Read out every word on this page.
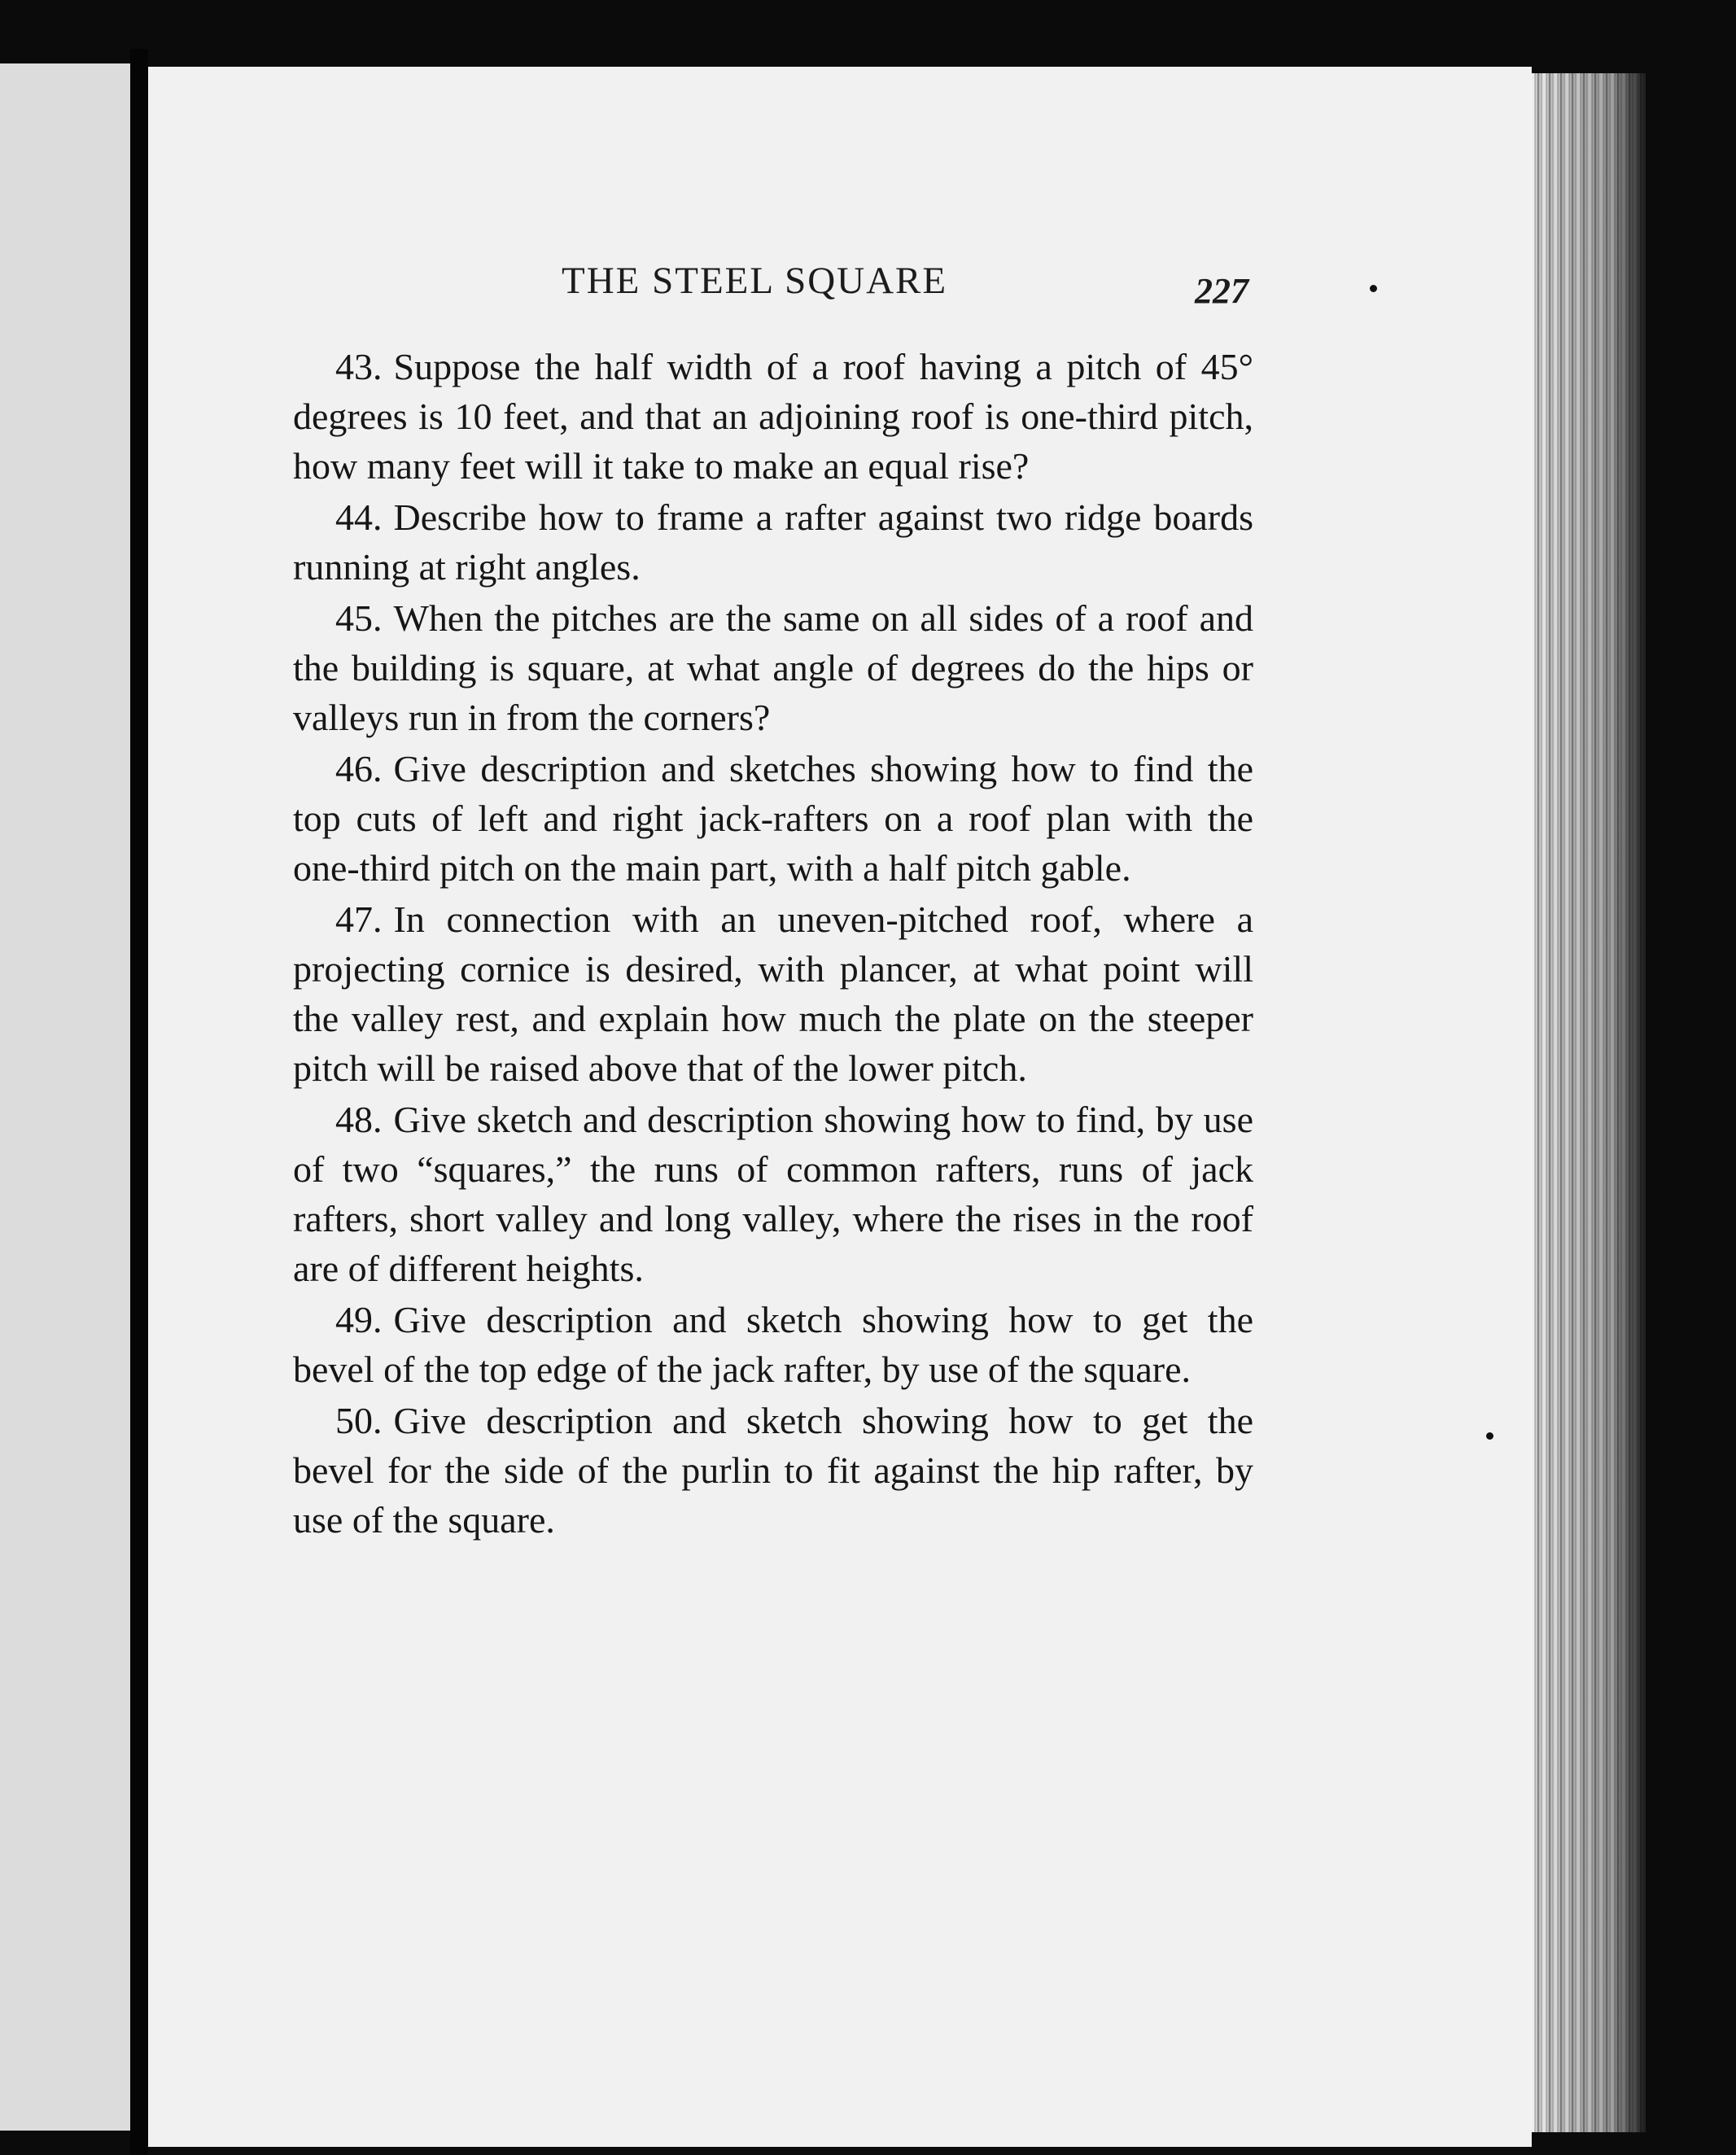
THE STEEL SQUARE	227

43. Suppose the half width of a roof having a pitch of 45° degrees is 10 feet, and that an adjoining roof is one-third pitch, how many feet will it take to make an equal rise?

44. Describe how to frame a rafter against two ridge boards running at right angles.

45. When the pitches are the same on all sides of a roof and the building is square, at what angle of degrees do the hips or valleys run in from the corners?

46. Give description and sketches showing how to find the top cuts of left and right jack-rafters on a roof plan with the one-third pitch on the main part, with a half pitch gable.

47. In connection with an uneven-pitched roof, where a projecting cornice is desired, with plancer, at what point will the valley rest, and explain how much the plate on the steeper pitch will be raised above that of the lower pitch.

48. Give sketch and description showing how to find, by use of two “squares,” the runs of common rafters, runs of jack rafters, short valley and long valley, where the rises in the roof are of different heights.

49. Give description and sketch showing how to get the bevel of the top edge of the jack rafter, by use of the square.

50. Give description and sketch showing how to get the bevel for the side of the purlin to fit against the hip rafter, by use of the square.
